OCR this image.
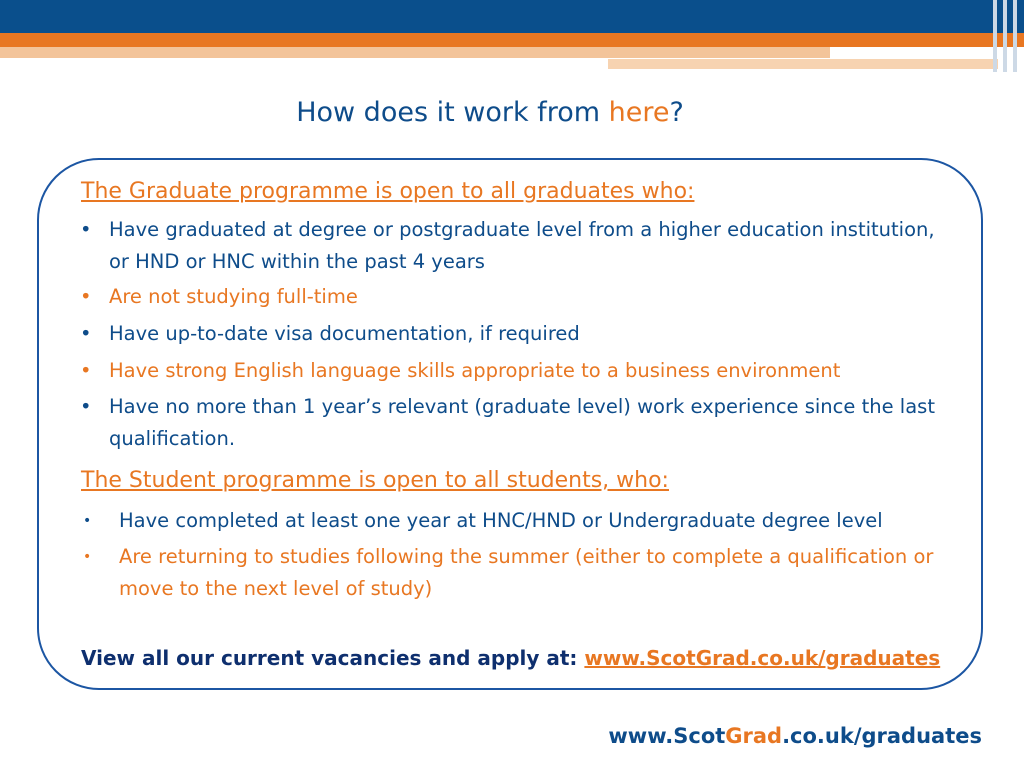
How does it work from here?

The Graduate programme is open to all graduates who:

• Have graduated at degree or postgraduate level from a higher education institution, or HND or HNC within the past 4 years
• Are not studying full-time
• Have up-to-date visa documentation, if required
• Have strong English language skills appropriate to a business environment
• Have no more than 1 year’s relevant (graduate level) work experience since the last qualification.

The Student programme is open to all students, who:

• Have completed at least one year at HNC/HND or Undergraduate degree level
• Are returning to studies following the summer (either to complete a qualification or move to the next level of study)

View all our current vacancies and apply at: www.ScotGrad.co.uk/graduates

www.ScotGrad.co.uk/graduates
